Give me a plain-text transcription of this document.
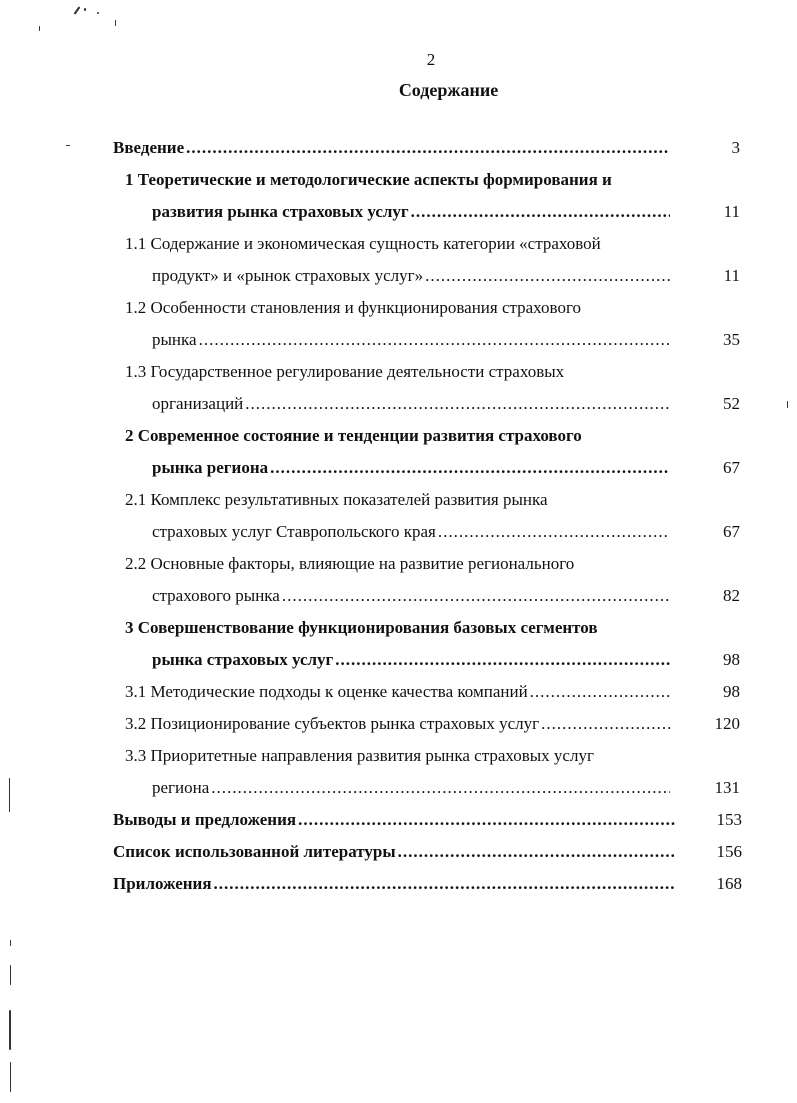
2
Содержание
Введение .....	3
1 Теоретические и методологические аспекты формирования и
развития рынка страховых услуг .....	11
1.1 Содержание и экономическая сущность категории «страховой
продукт» и «рынок страховых услуг» .....	11
1.2 Особенности становления и функционирования страхового
рынка .....	35
1.3 Государственное регулирование деятельности страховых
организаций .....	52
2 Современное состояние и тенденции развития страхового
рынка региона .....	67
2.1 Комплекс результативных показателей развития рынка
страховых услуг Ставропольского края .....	67
2.2 Основные факторы, влияющие на развитие регионального
страхового рынка .....	82
3 Совершенствование функционирования базовых сегментов
рынка страховых услуг .....	98
3.1 Методические подходы к оценке качества компаний .....	98
3.2 Позиционирование субъектов рынка страховых услуг .....	120
3.3 Приоритетные направления развития рынка страховых услуг
региона .....	131
Выводы и предложения .....	153
Список использованной литературы .....	156
Приложения .....	168
